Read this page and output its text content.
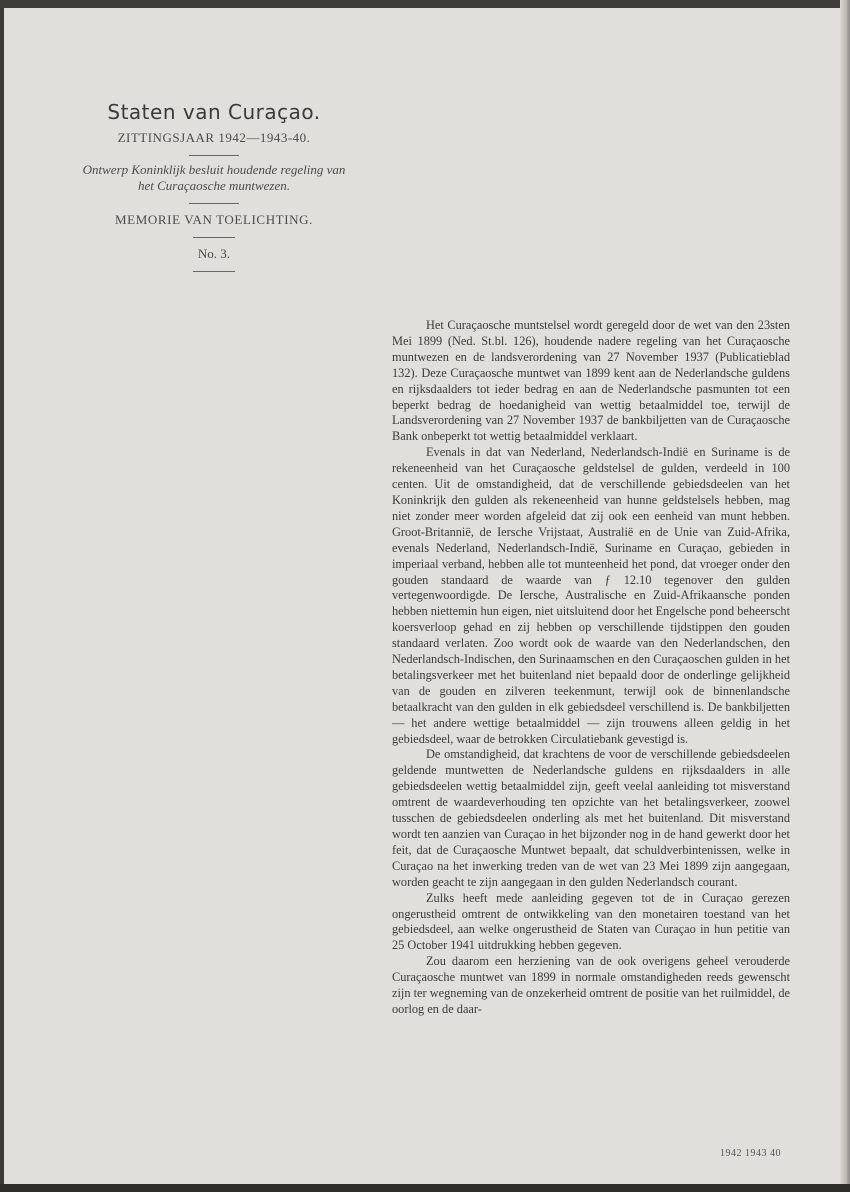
Staten van Curaçao.
ZITTINGSJAAR 1942—1943-40.
Ontwerp Koninklijk besluit houdende regeling van het Curaçaosche muntwezen.
MEMORIE VAN TOELICHTING.
No. 3.

Het Curaçaosche muntstelsel wordt geregeld door de wet van den 23sten Mei 1899 (Ned. St.bl. 126), houdende nadere regeling van het Curaçaosche muntwezen en de landsverordening van 27 November 1937 (Publicatieblad 132). Deze Curaçaosche muntwet van 1899 kent aan de Nederlandsche guldens en rijksdaalders tot ieder bedrag en aan de Nederlandsche pasmunten tot een beperkt bedrag de hoedanigheid van wettig betaalmiddel toe, terwijl de Landsverordening van 27 November 1937 de bankbiljetten van de Curaçaosche Bank onbeperkt tot wettig betaalmiddel verklaart.

Evenals in dat van Nederland, Nederlandsch-Indië en Suriname is de rekeneenheid van het Curaçaosche geldstelsel de gulden, verdeeld in 100 centen. Uit de omstandigheid, dat de verschillende gebiedsdeelen van het Koninkrijk den gulden als rekeneenheid van hunne geldstelsels hebben, mag niet zonder meer worden afgeleid dat zij ook een eenheid van munt hebben. Groot-Britannië, de Iersche Vrijstaat, Australië en de Unie van Zuid-Afrika, evenals Nederland, Nederlandsch-Indië, Suriname en Curaçao, gebieden in imperiaal verband, hebben alle tot munteenheid het pond, dat vroeger onder den gouden standaard de waarde van ƒ 12.10 tegenover den gulden vertegenwoordigde. De Iersche, Australische en Zuid-Afrikaansche ponden hebben niettemin hun eigen, niet uitsluitend door het Engelsche pond beheerscht koersverloop gehad en zij hebben op verschillende tijdstippen den gouden standaard verlaten. Zoo wordt ook de waarde van den Nederlandschen, den Nederlandsch-Indischen, den Surinaamschen en den Curaçaoschen gulden in het betalingsverkeer met het buitenland niet bepaald door de onderlinge gelijkheid van de gouden en zilveren teekenmunt, terwijl ook de binnenlandsche betaalkracht van den gulden in elk gebiedsdeel verschillend is. De bankbiljetten — het andere wettige betaalmiddel — zijn trouwens alleen geldig in het gebiedsdeel, waar de betrokken Circulatiebank gevestigd is.

De omstandigheid, dat krachtens de voor de verschillende gebiedsdeelen geldende muntwetten de Nederlandsche guldens en rijksdaalders in alle gebiedsdeelen wettig betaalmiddel zijn, geeft veelal aanleiding tot misverstand omtrent de waardeverhouding ten opzichte van het betalingsverkeer, zoowel tusschen de gebiedsdeelen onderling als met het buitenland. Dit misverstand wordt ten aanzien van Curaçao in het bijzonder nog in de hand gewerkt door het feit, dat de Curaçaosche Muntwet bepaalt, dat schuldverbintenissen, welke in Curaçao na het inwerking treden van de wet van 23 Mei 1899 zijn aangegaan, worden geacht te zijn aangegaan in den gulden Nederlandsch courant.

Zulks heeft mede aanleiding gegeven tot de in Curaçao gerezen ongerustheid omtrent de ontwikkeling van den monetairen toestand van het gebiedsdeel, aan welke ongerustheid de Staten van Curaçao in hun petitie van 25 October 1941 uitdrukking hebben gegeven.

Zou daarom een herziening van de ook overigens geheel verouderde Curaçaosche muntwet van 1899 in normale omstandigheden reeds gewenscht zijn ter wegneming van de onzekerheid omtrent de positie van het ruilmiddel, de oorlog en de daar-

1942 1943 40
